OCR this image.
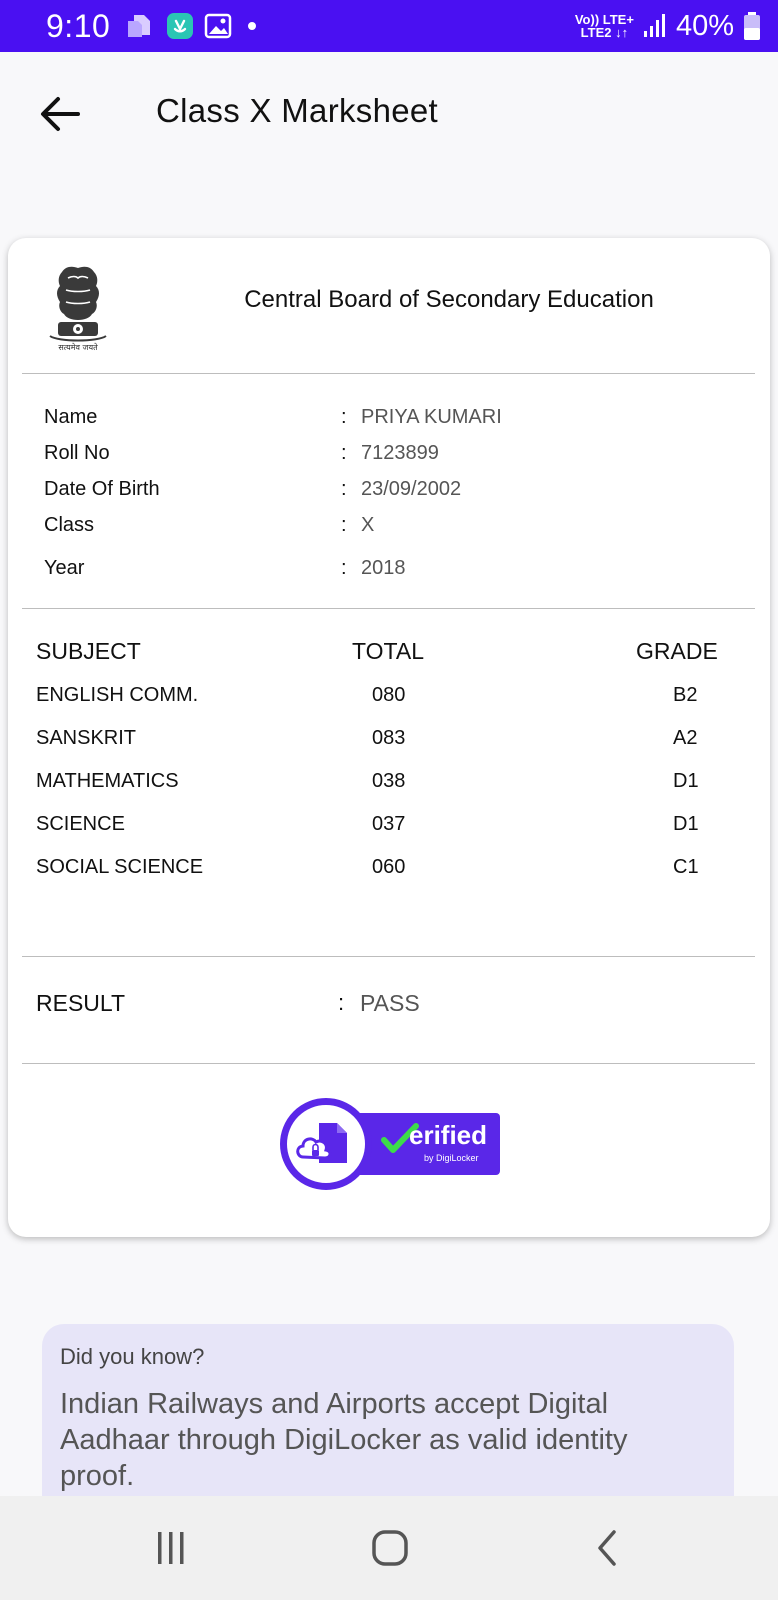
9:10	Vo)) LTE+
LTE2 ↓↑ 40%
Class X Marksheet
सत्यमेव जयते
Central Board of Secondary Education
Name	: PRIYA KUMARI
Roll No	: 7123899
Date Of Birth	: 23/09/2002
Class	: X
Year	: 2018
SUBJECT	TOTAL	GRADE
ENGLISH COMM.	080	B2
SANSKRIT	083	A2
MATHEMATICS	038	D1
SCIENCE	037	D1
SOCIAL SCIENCE	060	C1
RESULT	: PASS
erified
by DigiLocker
Did you know?
Indian Railways and Airports accept Digital Aadhaar through DigiLocker as valid identity proof.
